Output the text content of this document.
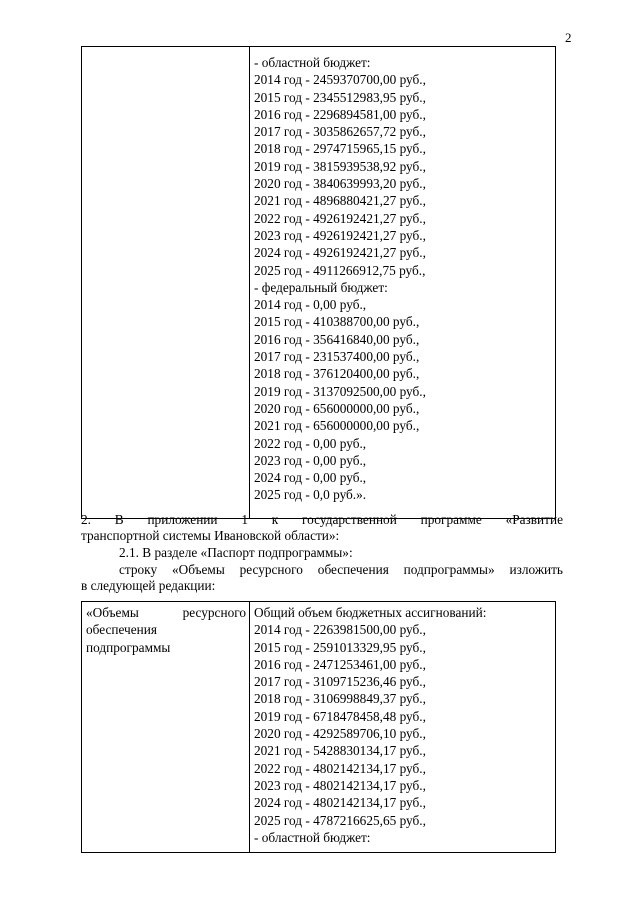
2

- областной бюджет:
2014 год - 2459370700,00 руб.,
2015 год - 2345512983,95 руб.,
2016 год - 2296894581,00 руб.,
2017 год - 3035862657,72 руб.,
2018 год - 2974715965,15 руб.,
2019 год - 3815939538,92 руб.,
2020 год - 3840639993,20 руб.,
2021 год - 4896880421,27 руб.,
2022 год - 4926192421,27 руб.,
2023 год - 4926192421,27 руб.,
2024 год - 4926192421,27 руб.,
2025 год - 4911266912,75 руб.,
- федеральный бюджет:
2014 год - 0,00 руб.,
2015 год - 410388700,00 руб.,
2016 год - 356416840,00 руб.,
2017 год - 231537400,00 руб.,
2018 год - 376120400,00 руб.,
2019 год - 3137092500,00 руб.,
2020 год - 656000000,00 руб.,
2021 год - 656000000,00 руб.,
2022 год - 0,00 руб.,
2023 год - 0,00 руб.,
2024 год - 0,00 руб.,
2025 год - 0,0 руб.».
2. В приложении 1 к государственной программе «Развитие
транспортной системы Ивановской области»:
2.1. В разделе «Паспорт подпрограммы»:
строку «Объемы ресурсного обеспечения подпрограммы» изложить
в следующей редакции:
«Объемы ресурсного
обеспечения
подпрограммы

Общий объем бюджетных ассигнований:
2014 год - 2263981500,00 руб.,
2015 год - 2591013329,95 руб.,
2016 год - 2471253461,00 руб.,
2017 год - 3109715236,46 руб.,
2018 год - 3106998849,37 руб.,
2019 год - 6718478458,48 руб.,
2020 год - 4292589706,10 руб.,
2021 год - 5428830134,17 руб.,
2022 год - 4802142134,17 руб.,
2023 год - 4802142134,17 руб.,
2024 год - 4802142134,17 руб.,
2025 год - 4787216625,65 руб.,
- областной бюджет:
